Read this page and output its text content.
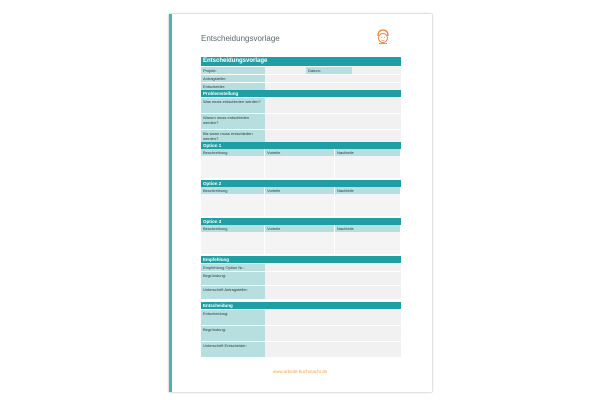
Entscheidungsvorlage
Entscheidungsvorlage
Projekt:	Datum:
Antragsteller:
Entscheider:
Problemstellung
Was muss entschieden werden?
Warum muss entschieden werden?
Bis wann muss entschieden werden?
Option 1
Beschreibung	Vorteile	Nachteile
Option 2
Beschreibung	Vorteile	Nachteile
Option 3
Beschreibung	Vorteile	Nachteile
Empfehlung
Empfehlung Option Nr.:
Begründung:
Unterschrift Antragsteller:
Entscheidung
Entscheidung:
Begründung:
Unterschrift Entscheider:
www.arbeite-buchmacht.de
